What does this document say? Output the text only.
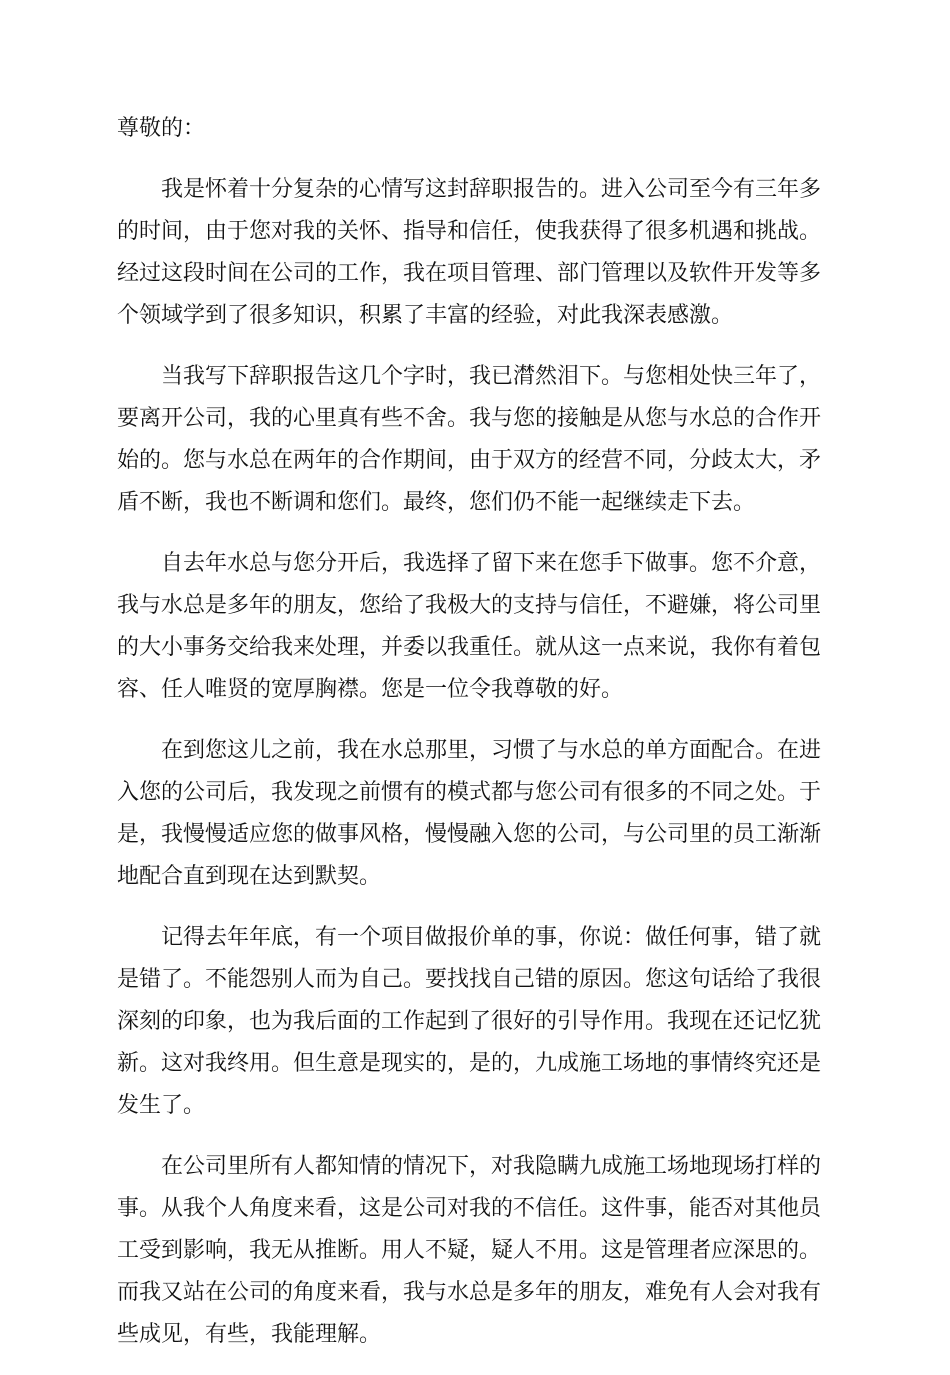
尊敬的：

我是怀着十分复杂的心情写这封辞职报告的。进入公司至今有三年多
的时间，由于您对我的关怀、指导和信任，使我获得了很多机遇和挑战。
经过这段时间在公司的工作，我在项目管理、部门管理以及软件开发等多
个领域学到了很多知识，积累了丰富的经验，对此我深表感激。

当我写下辞职报告这几个字时，我已潸然泪下。与您相处快三年了，
要离开公司，我的心里真有些不舍。我与您的接触是从您与水总的合作开
始的。您与水总在两年的合作期间，由于双方的经营不同，分歧太大，矛
盾不断，我也不断调和您们。最终，您们仍不能一起继续走下去。

自去年水总与您分开后，我选择了留下来在您手下做事。您不介意，
我与水总是多年的朋友，您给了我极大的支持与信任，不避嫌，将公司里
的大小事务交给我来处理，并委以我重任。就从这一点来说，我你有着包
容、任人唯贤的宽厚胸襟。您是一位令我尊敬的好。

在到您这儿之前，我在水总那里，习惯了与水总的单方面配合。在进
入您的公司后，我发现之前惯有的模式都与您公司有很多的不同之处。于
是，我慢慢适应您的做事风格，慢慢融入您的公司，与公司里的员工渐渐
地配合直到现在达到默契。

记得去年年底，有一个项目做报价单的事，你说：做任何事，错了就
是错了。不能怨别人而为自己。要找找自己错的原因。您这句话给了我很
深刻的印象，也为我后面的工作起到了很好的引导作用。我现在还记忆犹
新。这对我终用。但生意是现实的，是的，九成施工场地的事情终究还是
发生了。

在公司里所有人都知情的情况下，对我隐瞒九成施工场地现场打样的
事。从我个人角度来看，这是公司对我的不信任。这件事，能否对其他员
工受到影响，我无从推断。用人不疑，疑人不用。这是管理者应深思的。
而我又站在公司的角度来看，我与水总是多年的朋友，难免有人会对我有
些成见，有些，我能理解。
